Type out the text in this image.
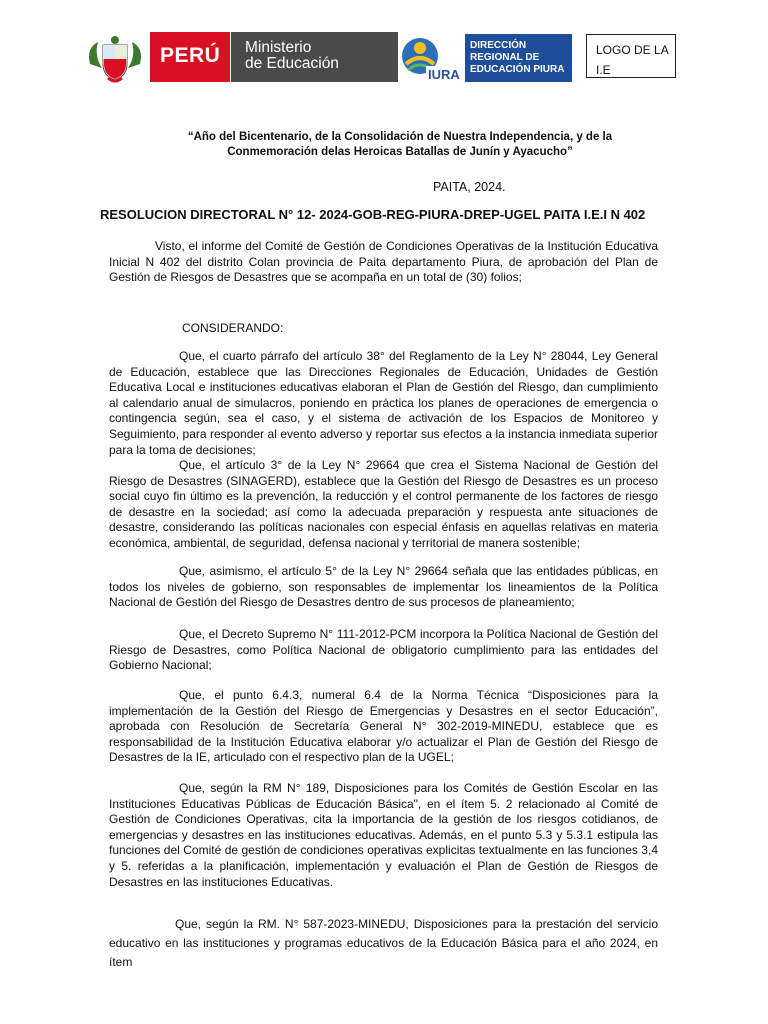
PERÚ Ministerio
de Educación
IURA
DIRECCIÓN
REGIONAL DE
EDUCACIÓN PIURA
LOGO DE LA I.E
“Año del Bicentenario, de la Consolidación de Nuestra Independencia, y de la
Conmemoración delas Heroicas Batallas de Junín y Ayacucho”
PAITA, 2024.
RESOLUCION DIRECTORAL N° 12- 2024-GOB-REG-PIURA-DREP-UGEL PAITA I.E.I N 402

Visto, el informe del Comité de Gestión de Condiciones Operativas de la Institución Educativa Inicial N 402 del distrito Colan provincia de Paita departamento Piura, de aprobación del Plan de Gestión de Riesgos de Desastres que se acompaña en un total de (30) folios;

CONSIDERANDO:

Que, el cuarto párrafo del artículo 38° del Reglamento de la Ley N° 28044, Ley General de Educación, establece que las Direcciones Regionales de Educación, Unidades de Gestión Educativa Local e instituciones educativas elaboran el Plan de Gestión del Riesgo, dan cumplimiento al calendario anual de simulacros, poniendo en práctica los planes de operaciones de emergencia o contingencia según, sea el caso, y el sistema de activación de los Espacios de Monitoreo y Seguimiento, para responder al evento adverso y reportar sus efectos a la instancia inmediata superior para la toma de decisiones;

Que, el artículo 3° de la Ley N° 29664 que crea el Sistema Nacional de Gestión del Riesgo de Desastres (SINAGERD), establece que la Gestión del Riesgo de Desastres es un proceso social cuyo fin último es la prevención, la reducción y el control permanente de los factores de riesgo de desastre en la sociedad; así como la adecuada preparación y respuesta ante situaciones de desastre, considerando las políticas nacionales con especial énfasis en aquellas relativas en materia económica, ambiental, de seguridad, defensa nacional y territorial de manera sostenible;

Que, asimismo, el artículo 5° de la Ley N° 29664 señala que las entidades públicas, en todos los niveles de gobierno, son responsables de implementar los lineamientos de la Política Nacional de Gestión del Riesgo de Desastres dentro de sus procesos de planeamiento;

Que, el Decreto Supremo N° 111-2012-PCM incorpora la Política Nacional de Gestión del Riesgo de Desastres, como Política Nacional de obligatorio cumplimiento para las entidades del Gobierno Nacional;

Que, el punto 6.4.3, numeral 6.4 de la Norma Técnica “Disposiciones para la implementación de la Gestión del Riesgo de Emergencias y Desastres en el sector Educación”, aprobada con Resolución de Secretaría General N° 302-2019-MINEDU, establece que es responsabilidad de la Institución Educativa elaborar y/o actualizar el Plan de Gestión del Riesgo de Desastres de la IE, articulado con el respectivo plan de la UGEL;

Que, según la RM N° 189, Disposiciones para los Comités de Gestión Escolar en las Instituciones Educativas Públicas de Educación Básica", en el ítem 5. 2 relacionado al Comité de Gestión de Condiciones Operativas, cita la importancia de la gestión de los riesgos cotidianos, de emergencias y desastres en las instituciones educativas. Además, en el punto 5.3 y 5.3.1 estipula las funciones del Comité de gestión de condiciones operativas explicitas textualmente en las funciones 3,4 y 5. referidas a la planificación, implementación y evaluación el Plan de Gestión de Riesgos de Desastres en las instituciones Educativas.

Que, según la RM. N° 587-2023-MINEDU, Disposiciones para la prestación del servicio educativo en las instituciones y programas educativos de la Educación Básica para el año 2024, en ítem
